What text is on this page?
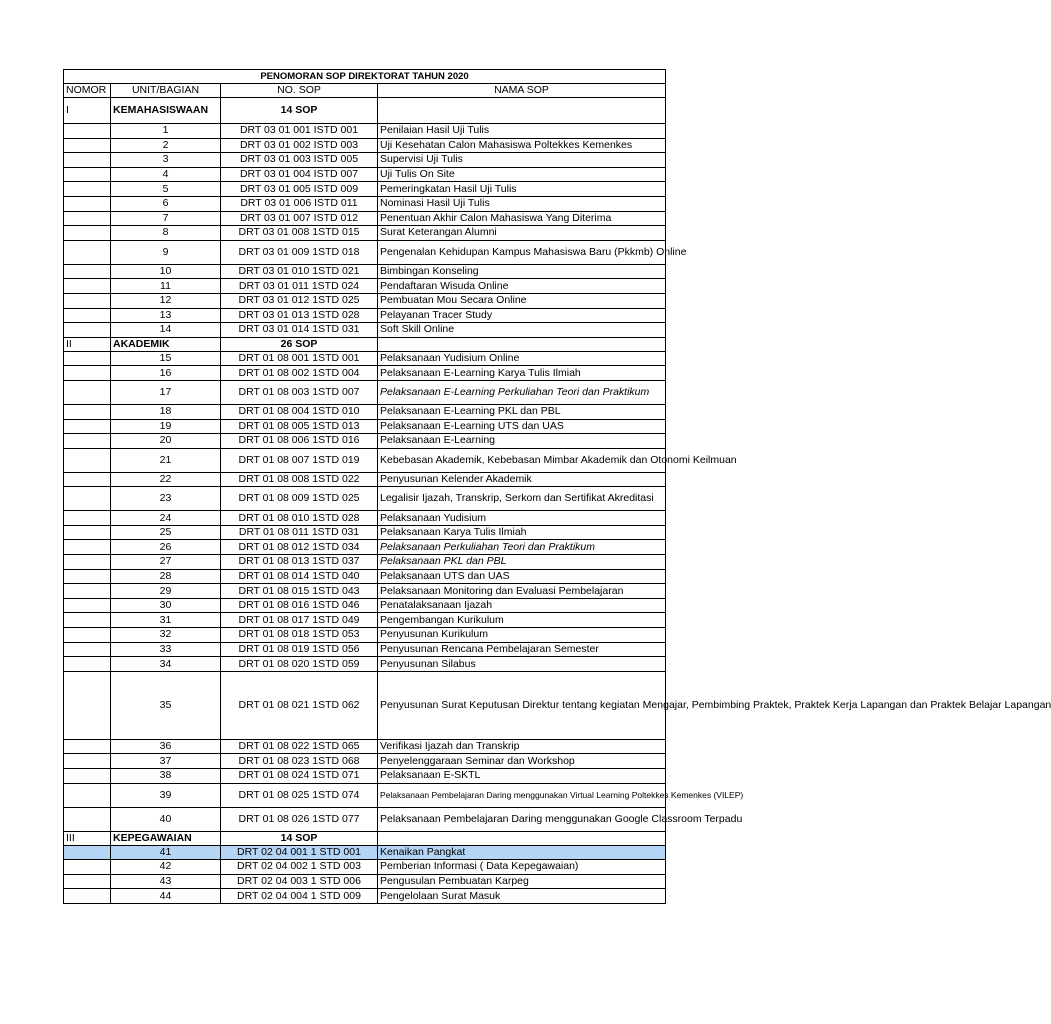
PENOMORAN SOP DIREKTORAT TAHUN 2020			
NOMOR	UNIT/BAGIAN	NO. SOP	NAMA SOP
I	KEMAHASISWAAN	14 SOP	
	1	DRT 03 01 001 ISTD 001	Penilaian Hasil Uji Tulis
	2	DRT 03 01 002 ISTD 003	Uji Kesehatan Calon Mahasiswa Poltekkes Kemenkes
	3	DRT 03 01 003 ISTD 005	Supervisi Uji Tulis
	4	DRT 03 01 004 ISTD 007	Uji Tulis On Site
	5	DRT 03 01 005 ISTD 009	Pemeringkatan Hasil Uji Tulis
	6	DRT 03 01 006 ISTD 011	Nominasi Hasil Uji Tulis
	7	DRT 03 01 007 ISTD 012	Penentuan Akhir Calon Mahasiswa Yang Diterima
	8	DRT 03 01 008 1STD 015	Surat Keterangan Alumni
	9	DRT 03 01 009 1STD 018	Pengenalan Kehidupan Kampus Mahasiswa Baru (Pkkmb) Online
	10	DRT 03 01 010 1STD 021	Bimbingan Konseling
	11	DRT 03 01 011 1STD 024	Pendaftaran Wisuda Online
	12	DRT 03 01 012 1STD 025	Pembuatan Mou Secara Online
	13	DRT 03 01 013 1STD 028	Pelayanan Tracer Study
	14	DRT 03 01 014 1STD 031	Soft Skill Online
II	AKADEMIK	26 SOP	
	15	DRT 01 08 001 1STD 001	Pelaksanaan Yudisium Online
	16	DRT 01 08 002 1STD 004	Pelaksanaan E-Learning Karya Tulis Ilmiah
	17	DRT 01 08 003 1STD 007	Pelaksanaan E-Learning Perkuliahan Teori dan Praktikum
	18	DRT 01 08 004 1STD 010	Pelaksanaan E-Learning PKL dan PBL
	19	DRT 01 08 005 1STD 013	Pelaksanaan E-Learning UTS dan UAS
	20	DRT 01 08 006 1STD 016	Pelaksanaan E-Learning
	21	DRT 01 08 007 1STD 019	Kebebasan Akademik, Kebebasan Mimbar Akademik dan Otonomi Keilmuan
	22	DRT 01 08 008 1STD 022	Penyusunan Kelender Akademik
	23	DRT 01 08 009 1STD 025	Legalisir Ijazah, Transkrip, Serkom dan Sertifikat Akreditasi
	24	DRT 01 08 010 1STD 028	Pelaksanaan Yudisium
	25	DRT 01 08 011 1STD 031	Pelaksanaan Karya Tulis Ilmiah
	26	DRT 01 08 012 1STD 034	Pelaksanaan Perkuliahan Teori dan Praktikum
	27	DRT 01 08 013 1STD 037	Pelaksanaan PKL dan PBL
	28	DRT 01 08 014 1STD 040	Pelaksanaan UTS dan UAS
	29	DRT 01 08 015 1STD 043	Pelaksanaan Monitoring dan Evaluasi Pembelajaran
	30	DRT 01 08 016 1STD 046	Penatalaksanaan Ijazah
	31	DRT 01 08 017 1STD 049	Pengembangan Kurikulum
	32	DRT 01 08 018 1STD 053	Penyusunan Kurikulum
	33	DRT 01 08 019 1STD 056	Penyusunan Rencana Pembelajaran Semester
	34	DRT 01 08 020 1STD 059	Penyusunan Silabus
	35	DRT 01 08 021 1STD 062	Penyusunan Surat Keputusan Direktur tentang kegiatan Mengajar, Pembimbing Praktek, Praktek Kerja Lapangan dan Praktek Belajar Lapangan
	36	DRT 01 08 022 1STD 065	Verifikasi Ijazah dan Transkrip
	37	DRT 01 08 023 1STD 068	Penyelenggaraan Seminar dan Workshop
	38	DRT 01 08 024 1STD 071	Pelaksanaan E-SKTL
	39	DRT 01 08 025 1STD 074	Pelaksanaan Pembelajaran Daring menggunakan Virtual Learning Poltekkes Kemenkes (VILEP)
	40	DRT 01 08 026 1STD 077	Pelaksanaan Pembelajaran Daring menggunakan Google Classroom Terpadu
III	KEPEGAWAIAN	14 SOP	
	41	DRT 02 04 001 1 STD 001	Kenaikan Pangkat
	42	DRT 02 04 002 1 STD 003	Pemberian Informasi ( Data Kepegawaian)
	43	DRT 02 04 003 1 STD 006	Pengusulan Pembuatan Karpeg
	44	DRT 02 04 004 1 STD 009	Pengelolaan Surat Masuk
